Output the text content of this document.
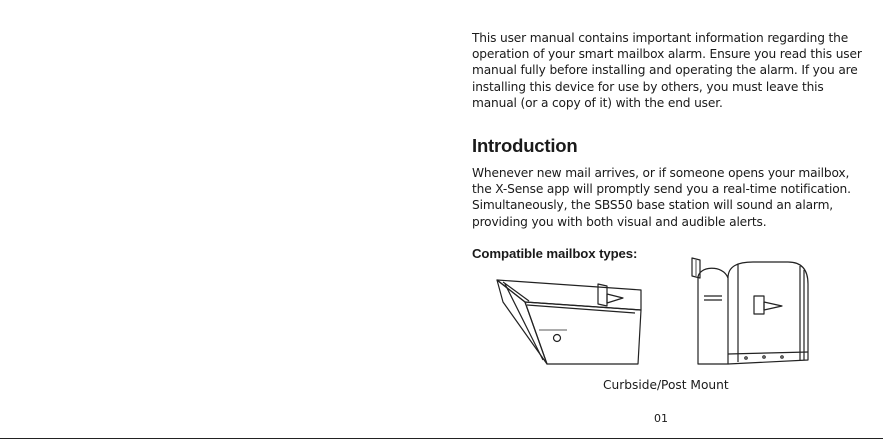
This user manual contains important information regarding the operation of your smart mailbox alarm. Ensure you read this user manual fully before installing and operating the alarm. If you are installing this device for use by others, you must leave this manual (or a copy of it) with the end user.

Introduction

Whenever new mail arrives, or if someone opens your mailbox, the X-Sense app will promptly send you a real-time notification. Simultaneously, the SBS50 base station will sound an alarm, providing you with both visual and audible alerts.

Compatible mailbox types:
Curbside/Post Mount
01
